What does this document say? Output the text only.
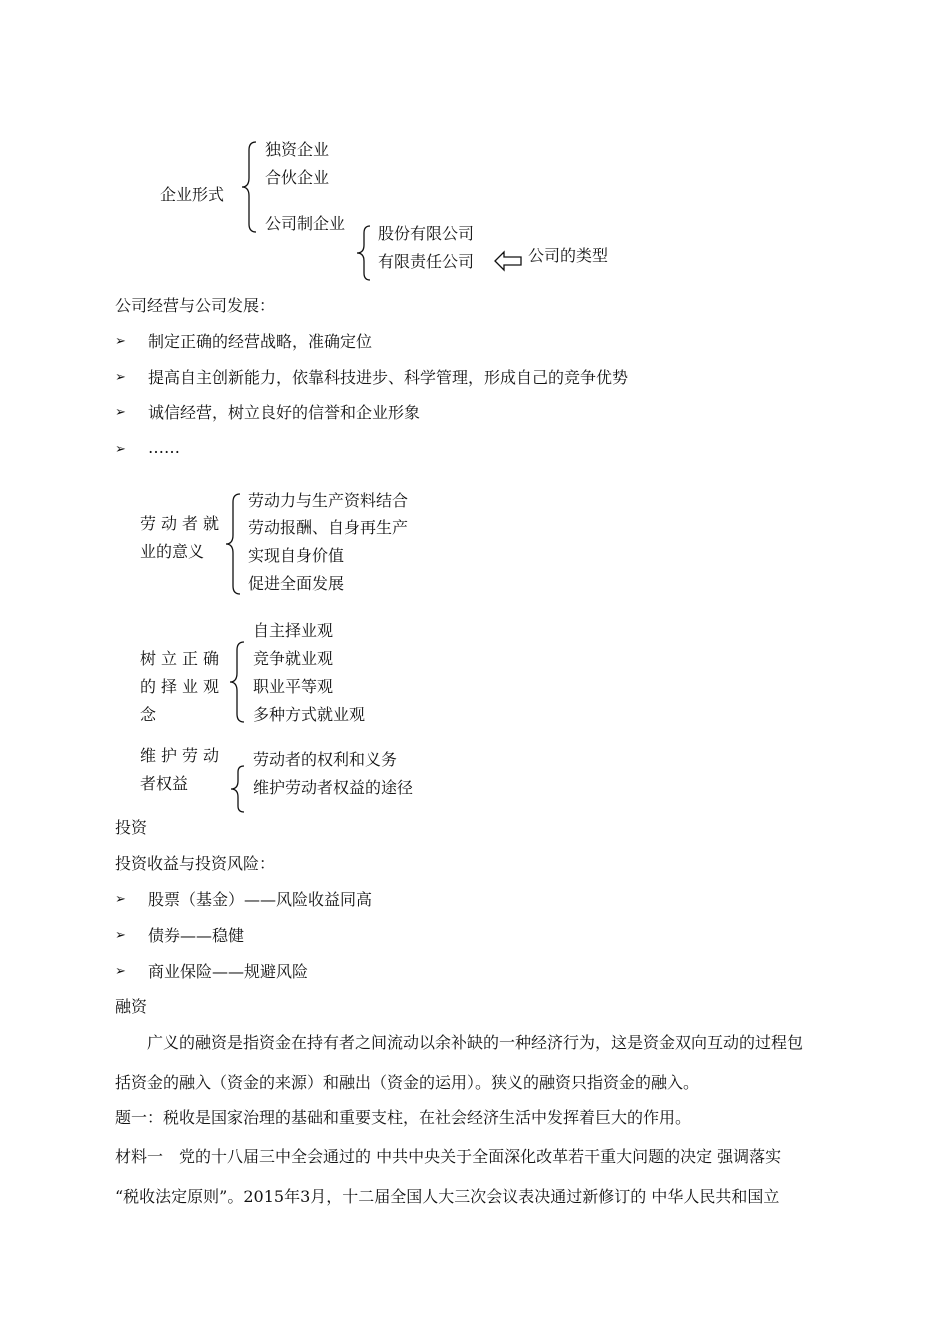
企业形式
独资企业
合伙企业
公司制企业
股份有限公司
有限责任公司	公司的类型
公司经营与公司发展：
➢ 制定正确的经营战略，准确定位
➢ 提高自主创新能力，依靠科技进步、科学管理，形成自己的竞争优势
➢ 诚信经营，树立良好的信誉和企业形象
➢ ……
劳动者就
业的意义
劳动力与生产资料结合
劳动报酬、自身再生产
实现自身价值
促进全面发展
树立正确
的择业观
念
自主择业观
竞争就业观
职业平等观
多种方式就业观
维护劳动
者权益
劳动者的权利和义务
维护劳动者权益的途径
投资
投资收益与投资风险：
➢ 股票（基金）——风险收益同高
➢ 债券——稳健
➢ 商业保险——规避风险
融资
广义的融资是指资金在持有者之间流动以余补缺的一种经济行为，这是资金双向互动的过程包
括资金的融入（资金的来源）和融出（资金的运用）。狭义的融资只指资金的融入。
题一：税收是国家治理的基础和重要支柱，在社会经济生活中发挥着巨大的作用。
材料一　党的十八届三中全会通过的 中共中央关于全面深化改革若干重大问题的决定 强调落实
“税收法定原则”。2015年3月，十二届全国人大三次会议表决通过新修订的 中华人民共和国立
